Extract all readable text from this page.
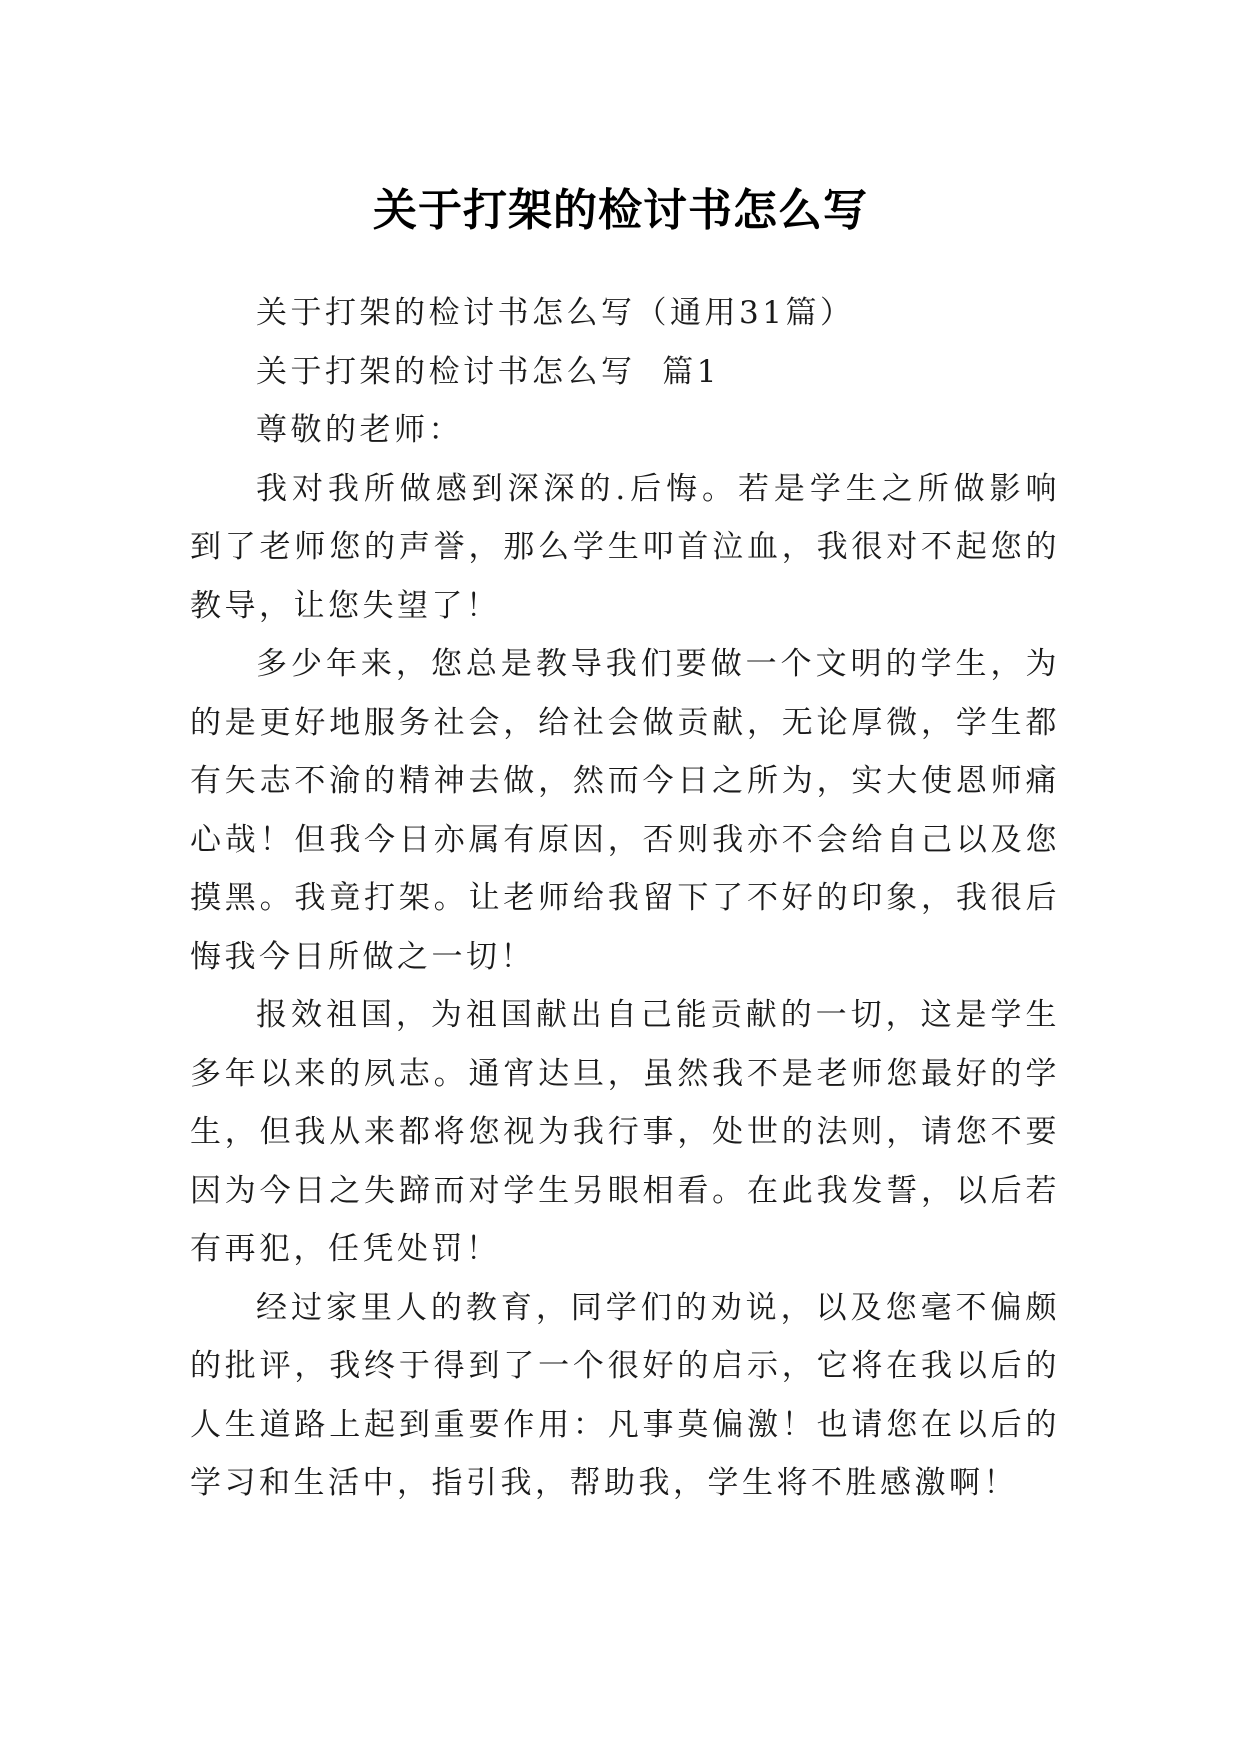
关于打架的检讨书怎么写

关于打架的检讨书怎么写（通用31篇）

关于打架的检讨书怎么写  篇1

尊敬的老师：

我对我所做感到深深的.后悔。若是学生之所做影响到了老师您的声誉，那么学生叩首泣血，我很对不起您的教导，让您失望了！

多少年来，您总是教导我们要做一个文明的学生，为的是更好地服务社会，给社会做贡献，无论厚微，学生都有矢志不渝的精神去做，然而今日之所为，实大使恩师痛心哉！但我今日亦属有原因，否则我亦不会给自己以及您摸黑。我竟打架。让老师给我留下了不好的印象，我很后悔我今日所做之一切！

报效祖国，为祖国献出自己能贡献的一切，这是学生多年以来的夙志。通宵达旦，虽然我不是老师您最好的学生，但我从来都将您视为我行事，处世的法则，请您不要因为今日之失蹄而对学生另眼相看。在此我发誓，以后若有再犯，任凭处罚！

经过家里人的教育，同学们的劝说，以及您毫不偏颇的批评，我终于得到了一个很好的启示，它将在我以后的人生道路上起到重要作用：凡事莫偏激！也请您在以后的学习和生活中，指引我，帮助我，学生将不胜感激啊！
